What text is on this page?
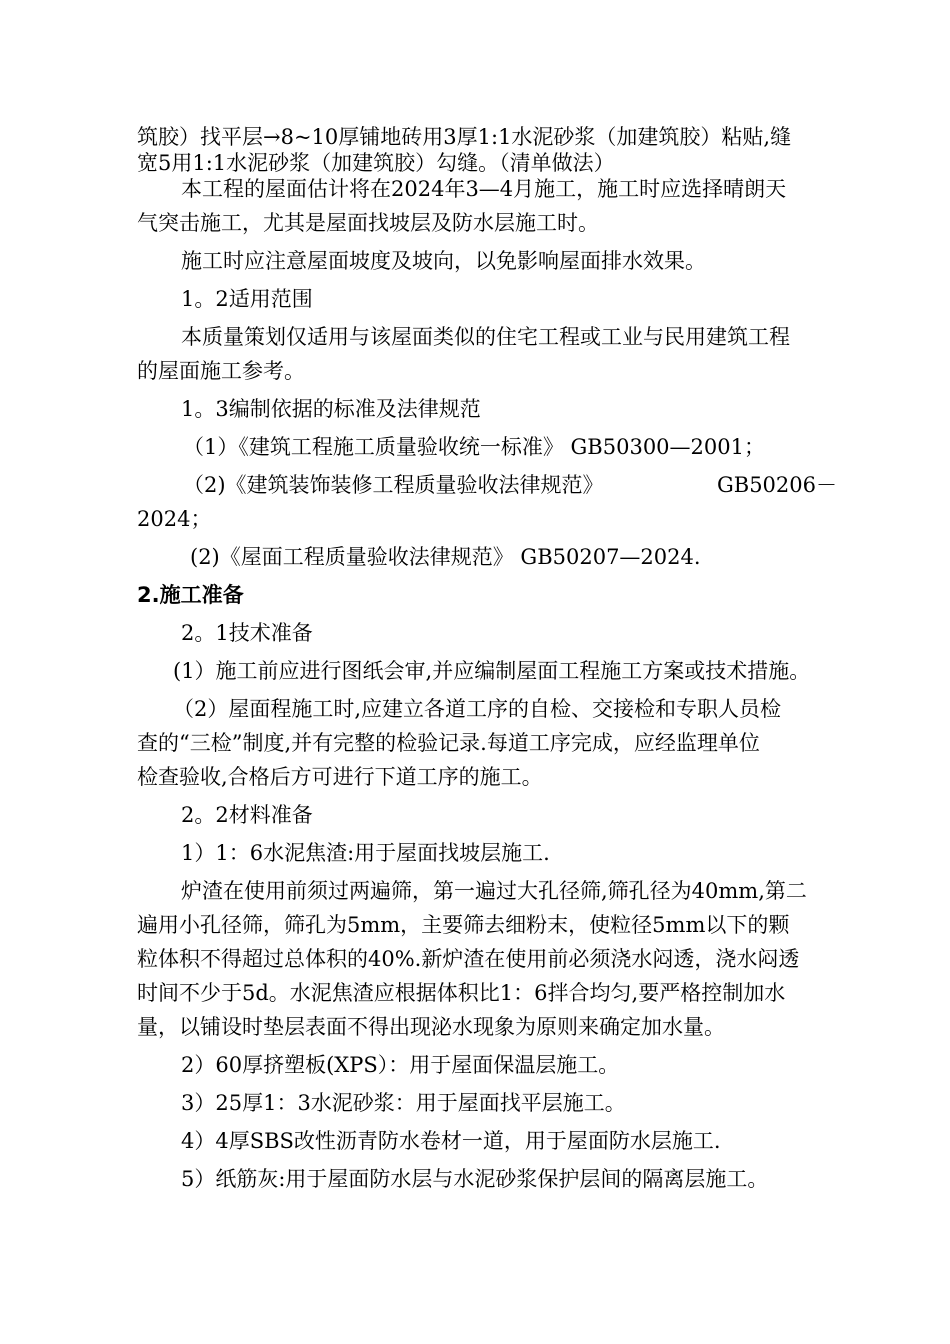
筑胶）找平层→8~10厚铺地砖用3厚1:1水泥砂浆（加建筑胶）粘贴,缝
宽5用1:1水泥砂浆（加建筑胶）勾缝。（清单做法）
本工程的屋面估计将在2024年3—4月施工，施工时应选择晴朗天
气突击施工，尤其是屋面找坡层及防水层施工时。
施工时应注意屋面坡度及坡向，以免影响屋面排水效果。
1。2适用范围
本质量策划仅适用与该屋面类似的住宅工程或工业与民用建筑工程
的屋面施工参考。
1。3编制依据的标准及法律规范
（1）《建筑工程施工质量验收统一标准》 GB50300—2001；
（2)《建筑装饰装修工程质量验收法律规范》	GB50206－
2024；
(2)《屋面工程质量验收法律规范》 GB50207—2024.
2.施工准备
2。1技术准备
(1）施工前应进行图纸会审,并应编制屋面工程施工方案或技术措施。
（2）屋面程施工时,应建立各道工序的自检、交接检和专职人员检
查的“三检”制度,并有完整的检验记录.每道工序完成，应经监理单位
检查验收,合格后方可进行下道工序的施工。
2。2材料准备
1）1：6水泥焦渣:用于屋面找坡层施工.
炉渣在使用前须过两遍筛，第一遍过大孔径筛,筛孔径为40mm,第二
遍用小孔径筛，筛孔为5mm，主要筛去细粉末，使粒径5mm以下的颗
粒体积不得超过总体积的40%.新炉渣在使用前必须浇水闷透，浇水闷透
时间不少于5d。水泥焦渣应根据体积比1：6拌合均匀,要严格控制加水
量，以铺设时垫层表面不得出现泌水现象为原则来确定加水量。
2）60厚挤塑板(XPS）：用于屋面保温层施工。
3）25厚1：3水泥砂浆：用于屋面找平层施工。
4）4厚SBS改性沥青防水卷材一道，用于屋面防水层施工.
5）纸筋灰:用于屋面防水层与水泥砂浆保护层间的隔离层施工。
